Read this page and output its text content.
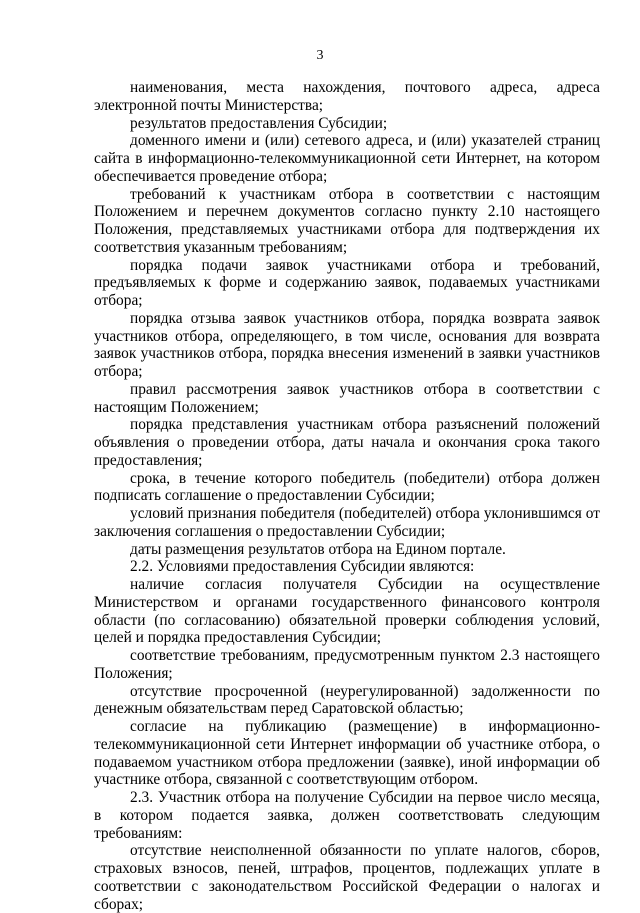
3

наименования, места нахождения, почтового адреса, адреса электронной почты Министерства;

результатов предоставления Субсидии;

доменного имени и (или) сетевого адреса, и (или) указателей страниц сайта в информационно-телекоммуникационной сети Интернет, на котором обеспечивается проведение отбора;

требований к участникам отбора в соответствии с настоящим Положением и перечнем документов согласно пункту 2.10 настоящего Положения, представляемых участниками отбора для подтверждения их соответствия указанным требованиям;

порядка подачи заявок участниками отбора и требований, предъявляемых к форме и содержанию заявок, подаваемых участниками отбора;

порядка отзыва заявок участников отбора, порядка возврата заявок участников отбора, определяющего, в том числе, основания для возврата заявок участников отбора, порядка внесения изменений в заявки участников отбора;

правил рассмотрения заявок участников отбора в соответствии с настоящим Положением;

порядка представления участникам отбора разъяснений положений объявления о проведении отбора, даты начала и окончания срока такого предоставления;

срока, в течение которого победитель (победители) отбора должен подписать соглашение о предоставлении Субсидии;

условий признания победителя (победителей) отбора уклонившимся от заключения соглашения о предоставлении Субсидии;

даты размещения результатов отбора на Едином портале.

2.2. Условиями предоставления Субсидии являются:

наличие согласия получателя Субсидии на осуществление Министерством и органами государственного финансового контроля области (по согласованию) обязательной проверки соблюдения условий, целей и порядка предоставления Субсидии;

соответствие требованиям, предусмотренным пунктом 2.3 настоящего Положения;

отсутствие просроченной (неурегулированной) задолженности по денежным обязательствам перед Саратовской областью;

согласие на публикацию (размещение) в информационно-телекоммуникационной сети Интернет информации об участнике отбора, о подаваемом участником отбора предложении (заявке), иной информации об участнике отбора, связанной с соответствующим отбором.

2.3. Участник отбора на получение Субсидии на первое число месяца, в котором подается заявка, должен соответствовать следующим требованиям:

отсутствие неисполненной обязанности по уплате налогов, сборов, страховых взносов, пеней, штрафов, процентов, подлежащих уплате в соответствии с законодательством Российской Федерации о налогах и сборах;
